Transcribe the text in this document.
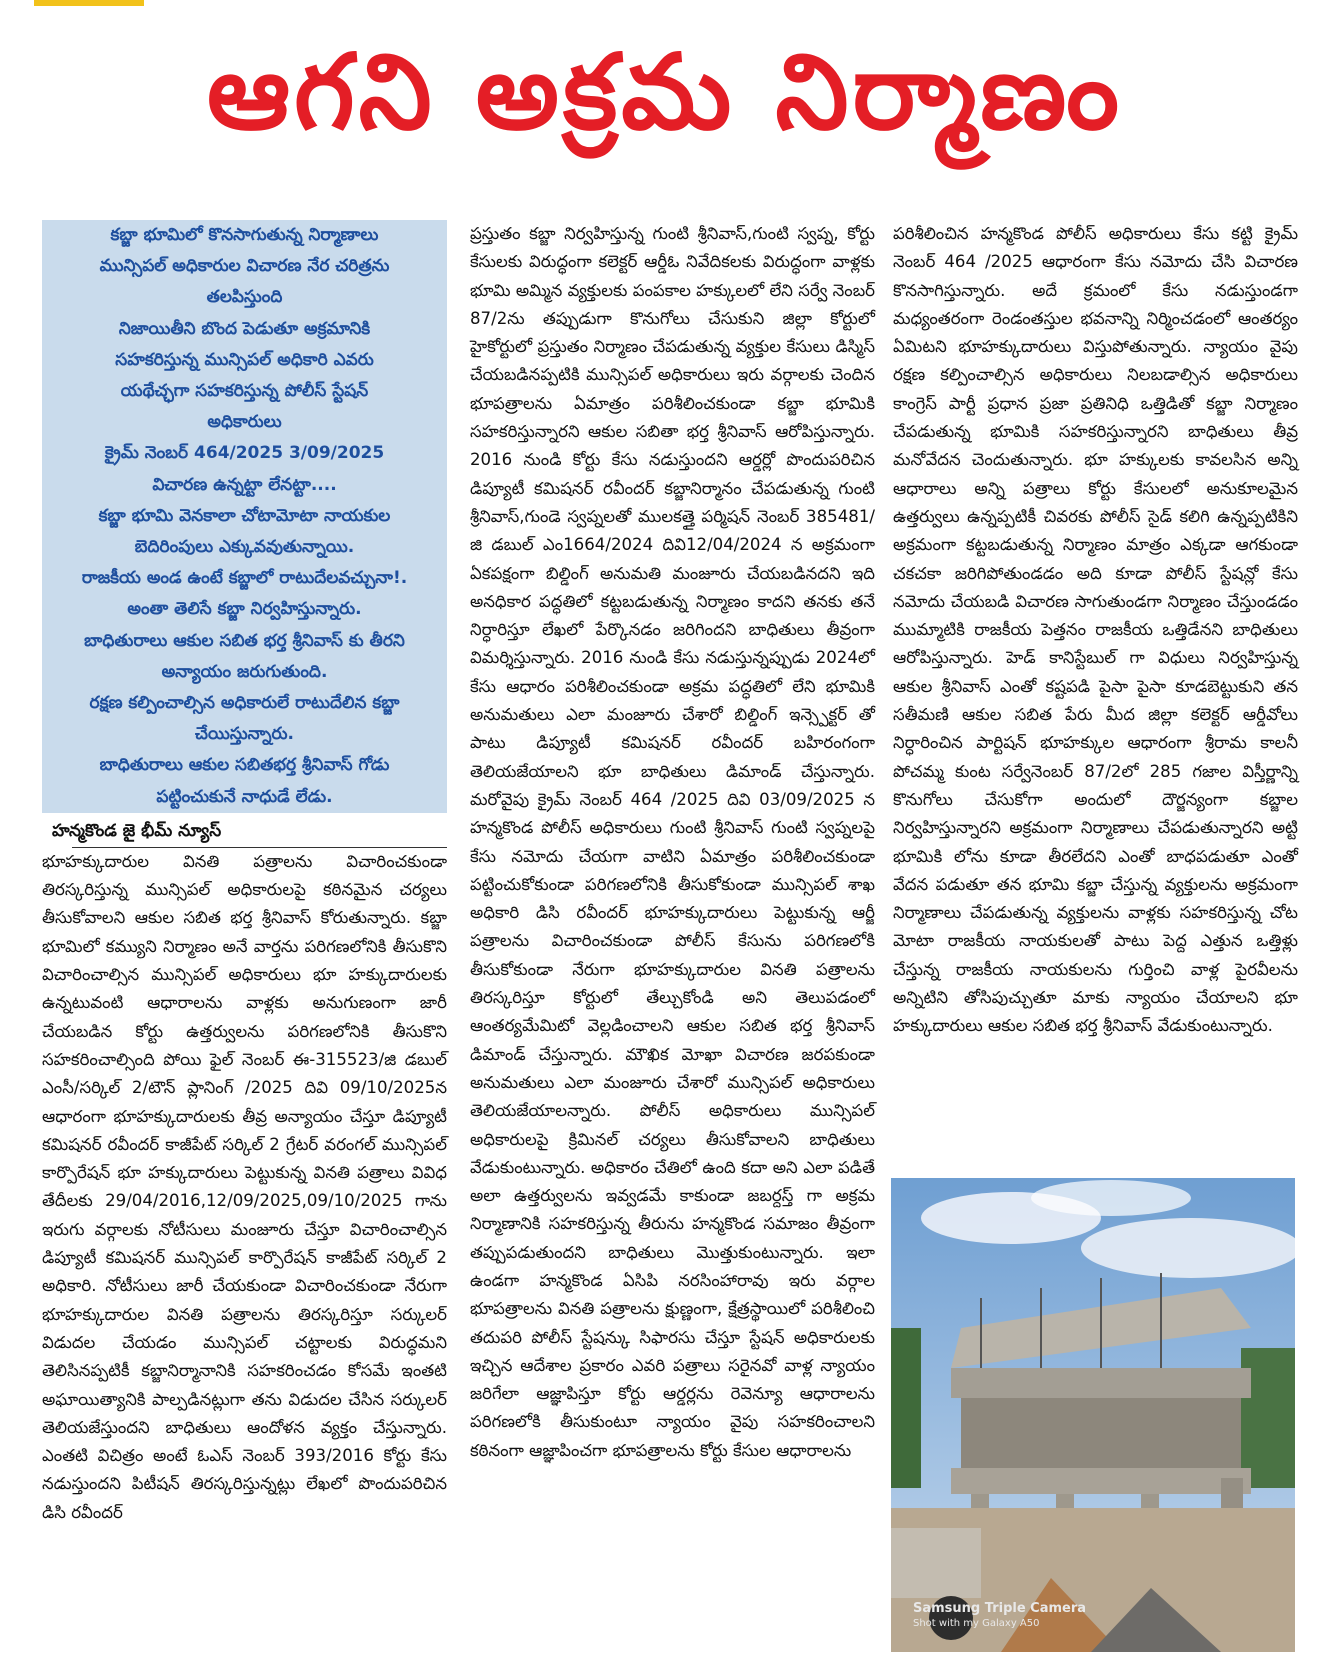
ఆగని అక్రమ నిర్మాణం
కబ్జా భూమిలో కొనసాగుతున్న నిర్మాణాలు
మున్సిపల్ అధికారుల విచారణ నేర చరిత్రను
తలపిస్తుంది
నిజాయితీని బొంద పెడుతూ అక్రమానికి
సహకరిస్తున్న మున్సిపల్ అధికారి ఎవరు
యథేచ్ఛగా సహకరిస్తున్న పోలీస్ స్టేషన్
అధికారులు
క్రైమ్ నెంబర్ 464/2025 3/09/2025
విచారణ ఉన్నట్టా లేనట్టా....
కబ్జా భూమి వెనకాలా చోటామోటా నాయకుల
బెదిరింపులు ఎక్కువవుతున్నాయి.
రాజకీయ అండ ఉంటే కబ్జాలో రాటుదేలవచ్చునా!.
అంతా తెలిసే కబ్జా నిర్వహిస్తున్నారు.
బాధితురాలు ఆకుల సబిత భర్త శ్రీనివాస్ కు తీరని
అన్యాయం జరుగుతుంది.
రక్షణ కల్పించాల్సిన అధికారులే రాటుదేలిన కబ్జా
చేయిస్తున్నారు.
బాధితురాలు ఆకుల సబితభర్త శ్రీనివాస్ గోడు
పట్టించుకునే నాధుడే లేడు.
హన్మకొండ జై భీమ్ న్యూస్

భూహక్కుదారుల వినతి పత్రాలను విచారించకుండా తిరస్కరిస్తున్న మున్సిపల్ అధికారులపై కఠినమైన చర్యలు తీసుకోవాలని ఆకుల సబిత భర్త శ్రీనివాస్ కోరుతున్నారు. కబ్జా భూమిలో కమ్యుని నిర్మాణం అనే వార్తను పరిగణలోనికి తీసుకొని విచారించాల్సిన మున్సిపల్ అధికారులు భూ హక్కుదారులకు ఉన్నటువంటి ఆధారాలను వాళ్లకు అనుగుణంగా జారీ చేయబడిన కోర్టు ఉత్తర్వులను పరిగణలోనికి తీసుకొని సహకరించాల్సింది పోయి ఫైల్ నెంబర్ ఈ-315523/జి డబుల్ ఎంసీ/సర్కిల్ 2/టౌన్ ప్లానింగ్ /2025 దివి 09/10/2025న ఆధారంగా భూహక్కుదారులకు తీవ్ర అన్యాయం చేస్తూ డిప్యూటీ కమిషనర్ రవీందర్ కాజీపేట్ సర్కిల్ 2 గ్రేటర్ వరంగల్ మున్సిపల్ కార్పొరేషన్ భూ హక్కుదారులు పెట్టుకున్న వినతి పత్రాలు వివిధ తేదీలకు 29/04/2016,12/09/2025,09/10/2025 గాను ఇరుగు వర్గాలకు నోటీసులు మంజూరు చేస్తూ విచారించాల్సిన డిప్యూటీ కమిషనర్ మున్సిపల్ కార్పొరేషన్ కాజీపేట్ సర్కిల్ 2 అధికారి. నోటీసులు జారీ చేయకుండా విచారించకుండా నేరుగా భూహక్కుదారుల వినతి పత్రాలను తిరస్కరిస్తూ సర్కులర్ విడుదల చేయడం మున్సిపల్ చట్టాలకు విరుద్ధమని తెలిసినప్పటికీ కబ్జానిర్మానానికి సహకరించడం కోసమే ఇంతటి అఘాయిత్యానికి పాల్పడినట్లుగా తను విడుదల చేసిన సర్కులర్ తెలియజేస్తుందని బాధితులు ఆందోళన వ్యక్తం చేస్తున్నారు. ఎంతటి విచిత్రం అంటే ఓఎస్ నెంబర్ 393/2016 కోర్టు కేసు నడుస్తుందని పిటీషన్ తిరస్కరిస్తున్నట్లు లేఖలో పొందుపరిచిన డిసి రవీందర్

ప్రస్తుతం కబ్జా నిర్వహిస్తున్న గుంటి శ్రీనివాస్,గుంటి స్వప్న, కోర్టు కేసులకు విరుద్ధంగా కలెక్టర్ ఆర్డీఓ నివేదికలకు విరుద్ధంగా వాళ్లకు భూమి అమ్మిన వ్యక్తులకు పంపకాల హక్కులలో లేని సర్వే నెంబర్ 87/2ను తప్పుడుగా కొనుగోలు చేసుకుని జిల్లా కోర్టులో హైకోర్టులో ప్రస్తుతం నిర్మాణం చేపడుతున్న వ్యక్తుల కేసులు డిస్మిస్ చేయబడినప్పటికి మున్సిపల్ అధికారులు ఇరు వర్గాలకు చెందిన భూపత్రాలను ఏమాత్రం పరిశీలించకుండా కబ్జా భూమికి సహకరిస్తున్నారని ఆకుల సబితా భర్త శ్రీనివాస్ ఆరోపిస్తున్నారు. 2016 నుండి కోర్టు కేసు నడుస్తుందని ఆర్డర్లో పొందుపరిచిన డిప్యూటీ కమిషనర్ రవీందర్ కబ్జానిర్మానం చేపడుతున్న గుంటి శ్రీనివాస్,గుండె స్వప్నలతో ములకత్తై పర్మిషన్ నెంబర్ 385481/జి డబుల్ ఎం1664/2024 దివి12/04/2024 న అక్రమంగా ఏకపక్షంగా బిల్డింగ్ అనుమతి మంజూరు చేయబడినదని ఇది అనధికార పద్ధతిలో కట్టబడుతున్న నిర్మాణం కాదని తనకు తనే నిర్ధారిస్తూ లేఖలో పేర్కొనడం జరిగిందని బాధితులు తీవ్రంగా విమర్శిస్తున్నారు. 2016 నుండి కేసు నడుస్తున్నప్పుడు 2024లో కేసు ఆధారం పరిశీలించకుండా అక్రమ పద్ధతిలో లేని భూమికి అనుమతులు ఎలా మంజూరు చేశారో బిల్డింగ్ ఇన్స్పెక్టర్ తో పాటు డిప్యూటీ కమిషనర్ రవీందర్ బహిరంగంగా తెలియజేయాలని భూ బాధితులు డిమాండ్ చేస్తున్నారు. మరోవైపు క్రైమ్ నెంబర్ 464 /2025 దివి 03/09/2025 న హన్మకొండ పోలీస్ అధికారులు గుంటి శ్రీనివాస్ గుంటి స్వప్నలపై కేసు నమోదు చేయగా వాటిని ఏమాత్రం పరిశీలించకుండా పట్టించుకోకుండా పరిగణలోనికి తీసుకోకుండా మున్సిపల్ శాఖ అధికారి డిసి రవీందర్ భూహక్కుదారులు పెట్టుకున్న ఆర్జీ పత్రాలను విచారించకుండా పోలీస్ కేసును పరిగణలోకి తీసుకోకుండా నేరుగా భూహక్కుదారుల వినతి పత్రాలను తిరస్కరిస్తూ కోర్టులో తేల్చుకోండి అని తెలుపడంలో ఆంతర్యమేమిటో వెల్లడించాలని ఆకుల సబిత భర్త శ్రీనివాస్ డిమాండ్ చేస్తున్నారు. మౌఖిక మోఖా విచారణ జరపకుండా అనుమతులు ఎలా మంజూరు చేశారో మున్సిపల్ అధికారులు తెలియజేయాలన్నారు. పోలీస్ అధికారులు మున్సిపల్ అధికారులపై క్రిమినల్ చర్యలు తీసుకోవాలని బాధితులు వేడుకుంటున్నారు. అధికారం చేతిలో ఉంది కదా అని ఎలా పడితే అలా ఉత్తర్వులను ఇవ్వడమే కాకుండా జబర్దస్త్ గా అక్రమ నిర్మాణానికి సహకరిస్తున్న తీరును హన్మకొండ సమాజం తీవ్రంగా తప్పుపడుతుందని బాధితులు మొత్తుకుంటున్నారు. ఇలా ఉండగా హన్మకొండ ఏసిపి నరసింహారావు ఇరు వర్గాల భూపత్రాలను వినతి పత్రాలను క్షుణ్ణంగా, క్షేత్రస్థాయిలో పరిశీలించి తదుపరి పోలీస్ స్టేషన్కు సిఫారసు చేస్తూ స్టేషన్ అధికారులకు ఇచ్చిన ఆదేశాల ప్రకారం ఎవరి పత్రాలు సరైనవో వాళ్ల న్యాయం జరిగేలా ఆజ్ఞాపిస్తూ కోర్టు ఆర్డర్లను రెవెన్యూ ఆధారాలను పరిగణలోకి తీసుకుంటూ న్యాయం వైపు సహకరించాలని కఠినంగా ఆజ్ఞాపించగా భూపత్రాలను కోర్టు కేసుల ఆధారాలను

పరిశీలించిన హన్మకొండ పోలీస్ అధికారులు కేసు కట్టి క్రైమ్ నెంబర్ 464 /2025 ఆధారంగా కేసు నమోదు చేసి విచారణ కొనసాగిస్తున్నారు. అదే క్రమంలో కేసు నడుస్తుండగా మధ్యంతరంగా రెండంతస్తుల భవనాన్ని నిర్మించడంలో ఆంతర్యం ఏమిటని భూహక్కుదారులు విస్తుపోతున్నారు. న్యాయం వైపు రక్షణ కల్పించాల్సిన అధికారులు నిలబడాల్సిన అధికారులు కాంగ్రెస్ పార్టీ ప్రధాన ప్రజా ప్రతినిధి ఒత్తిడితో కబ్జా నిర్మాణం చేపడుతున్న భూమికి సహకరిస్తున్నారని బాధితులు తీవ్ర మనోవేదన చెందుతున్నారు. భూ హక్కులకు కావలసిన అన్ని ఆధారాలు అన్ని పత్రాలు కోర్టు కేసులలో అనుకూలమైన ఉత్తర్వులు ఉన్నప్పటికీ చివరకు పోలీస్ సైడ్ కలిగి ఉన్నప్పటికిని అక్రమంగా కట్టబడుతున్న నిర్మాణం మాత్రం ఎక్కడా ఆగకుండా చకచకా జరిగిపోతుండడం అది కూడా పోలీస్ స్టేషన్లో కేసు నమోదు చేయబడి విచారణ సాగుతుండగా నిర్మాణం చేస్తుండడం ముమ్మాటికి రాజకీయ పెత్తనం రాజకీయ ఒత్తిడేనని బాధితులు ఆరోపిస్తున్నారు. హెడ్ కానిస్టేబుల్ గా విధులు నిర్వహిస్తున్న ఆకుల శ్రీనివాస్ ఎంతో కష్టపడి పైసా పైసా కూడబెట్టుకుని తన సతీమణి ఆకుల సబిత పేరు మీద జిల్లా కలెక్టర్ ఆర్డీవోలు నిర్ధారించిన పార్టిషన్ భూహక్కుల ఆధారంగా శ్రీరామ కాలనీ పోచమ్మ కుంట సర్వేనెంబర్ 87/2లో 285 గజాల విస్తీర్ణాన్ని కొనుగోలు చేసుకోగా అందులో దౌర్జన్యంగా కబ్జాల నిర్వహిస్తున్నారని అక్రమంగా నిర్మాణాలు చేపడుతున్నారని అట్టి భూమికి లోను కూడా తీరలేదని ఎంతో బాధపడుతూ ఎంతో వేదన పడుతూ తన భూమి కబ్జా చేస్తున్న వ్యక్తులను అక్రమంగా నిర్మాణాలు చేపడుతున్న వ్యక్తులను వాళ్లకు సహకరిస్తున్న చోట మోటా రాజకీయ నాయకులతో పాటు పెద్ద ఎత్తున ఒత్తిళ్లు చేస్తున్న రాజకీయ నాయకులను గుర్తించి వాళ్ల పైరవీలను అన్నిటిని తోసిపుచ్చుతూ మాకు న్యాయం చేయాలని భూ హక్కుదారులు ఆకుల సబిత భర్త శ్రీనివాస్ వేడుకుంటున్నారు.

Samsung Triple Camera
Shot with my Galaxy A50
